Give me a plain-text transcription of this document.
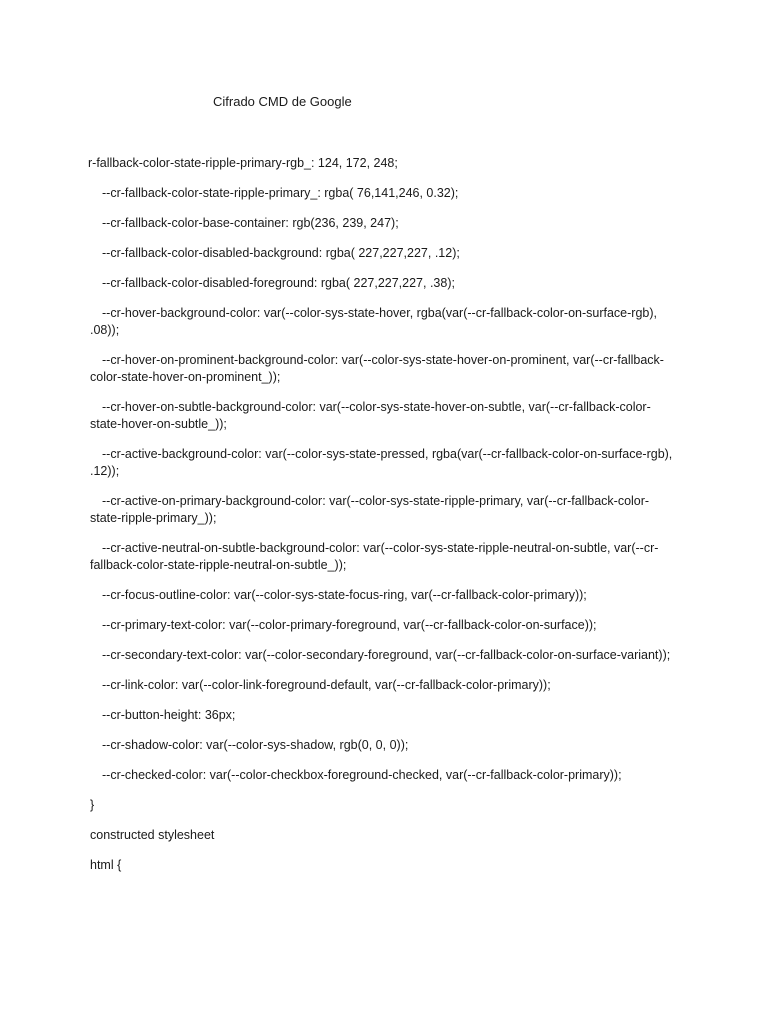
Cifrado CMD de Google

r-fallback-color-state-ripple-primary-rgb_: 124, 172, 248;

--cr-fallback-color-state-ripple-primary_: rgba( 76,141,246, 0.32);

--cr-fallback-color-base-container: rgb(236, 239, 247);

--cr-fallback-color-disabled-background: rgba( 227,227,227, .12);

--cr-fallback-color-disabled-foreground: rgba( 227,227,227, .38);

--cr-hover-background-color: var(--color-sys-state-hover, rgba(var(--cr-fallback-color-on-surface-rgb), .08));

--cr-hover-on-prominent-background-color: var(--color-sys-state-hover-on-prominent, var(--cr-fallback-color-state-hover-on-prominent_));

--cr-hover-on-subtle-background-color: var(--color-sys-state-hover-on-subtle, var(--cr-fallback-color-state-hover-on-subtle_));

--cr-active-background-color: var(--color-sys-state-pressed, rgba(var(--cr-fallback-color-on-surface-rgb), .12));

--cr-active-on-primary-background-color: var(--color-sys-state-ripple-primary, var(--cr-fallback-color-state-ripple-primary_));

--cr-active-neutral-on-subtle-background-color: var(--color-sys-state-ripple-neutral-on-subtle, var(--cr-fallback-color-state-ripple-neutral-on-subtle_));

--cr-focus-outline-color: var(--color-sys-state-focus-ring, var(--cr-fallback-color-primary));

--cr-primary-text-color: var(--color-primary-foreground, var(--cr-fallback-color-on-surface));

--cr-secondary-text-color: var(--color-secondary-foreground, var(--cr-fallback-color-on-surface-variant));

--cr-link-color: var(--color-link-foreground-default, var(--cr-fallback-color-primary));

--cr-button-height: 36px;

--cr-shadow-color: var(--color-sys-shadow, rgb(0, 0, 0));

--cr-checked-color: var(--color-checkbox-foreground-checked, var(--cr-fallback-color-primary));

}

constructed stylesheet

html {
